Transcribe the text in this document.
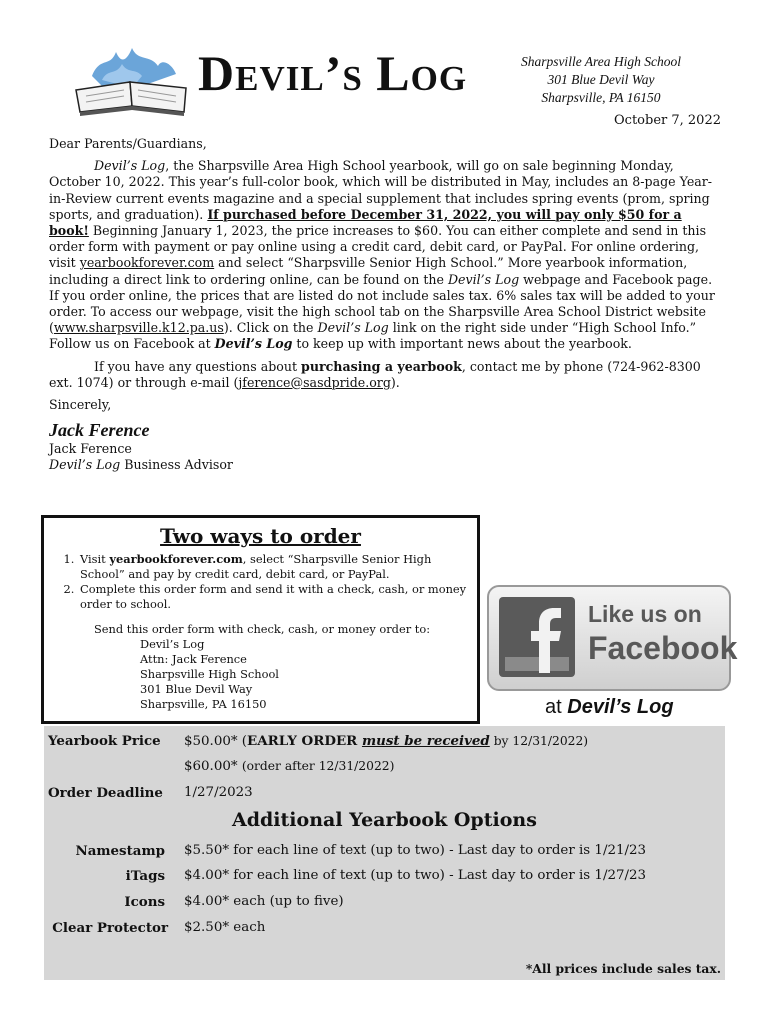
Devil’s Log	Sharpsville Area High School
301 Blue Devil Way
Sharpsville, PA 16150
October 7, 2022

Dear Parents/Guardians,

Devil’s Log, the Sharpsville Area High School yearbook, will go on sale beginning Monday, October 10, 2022. This year’s full-color book, which will be distributed in May, includes an 8-page Year-in-Review current events magazine and a special supplement that includes spring events (prom, spring sports, and graduation). If purchased before December 31, 2022, you will pay only $50 for a book! Beginning January 1, 2023, the price increases to $60. You can either complete and send in this order form with payment or pay online using a credit card, debit card, or PayPal. For online ordering, visit yearbookforever.com and select “Sharpsville Senior High School.” More yearbook information, including a direct link to ordering online, can be found on the Devil’s Log webpage and Facebook page. If you order online, the prices that are listed do not include sales tax. 6% sales tax will be added to your order. To access our webpage, visit the high school tab on the Sharpsville Area School District website (www.sharpsville.k12.pa.us). Click on the Devil’s Log link on the right side under “High School Info.” Follow us on Facebook at Devil’s Log to keep up with important news about the yearbook.

If you have any questions about purchasing a yearbook, contact me by phone (724-962-8300 ext. 1074) or through e-mail (jference@sasdpride.org).

Sincerely,

Jack Ference
Jack Ference
Devil’s Log Business Advisor
Two ways to order
1. Visit yearbookforever.com, select “Sharpsville Senior High School” and pay by credit card, debit card, or PayPal.
2. Complete this order form and send it with a check, cash, or money order to school.
Send this order form with check, cash, or money order to:
Devil’s Log
Attn: Jack Ference
Sharpsville High School
301 Blue Devil Way
Sharpsville, PA 16150
Like us on
Facebook
at Devil’s Log
Yearbook Price $50.00* (EARLY ORDER must be received by 12/31/2022)
$60.00* (order after 12/31/2022)
Order Deadline 1/27/2023
Additional Yearbook Options
Namestamp $5.50* for each line of text (up to two) - Last day to order is 1/21/23
iTags $4.00* for each line of text (up to two) - Last day to order is 1/27/23
Icons $4.00* each (up to five)
Clear Protector $2.50* each
*All prices include sales tax.
